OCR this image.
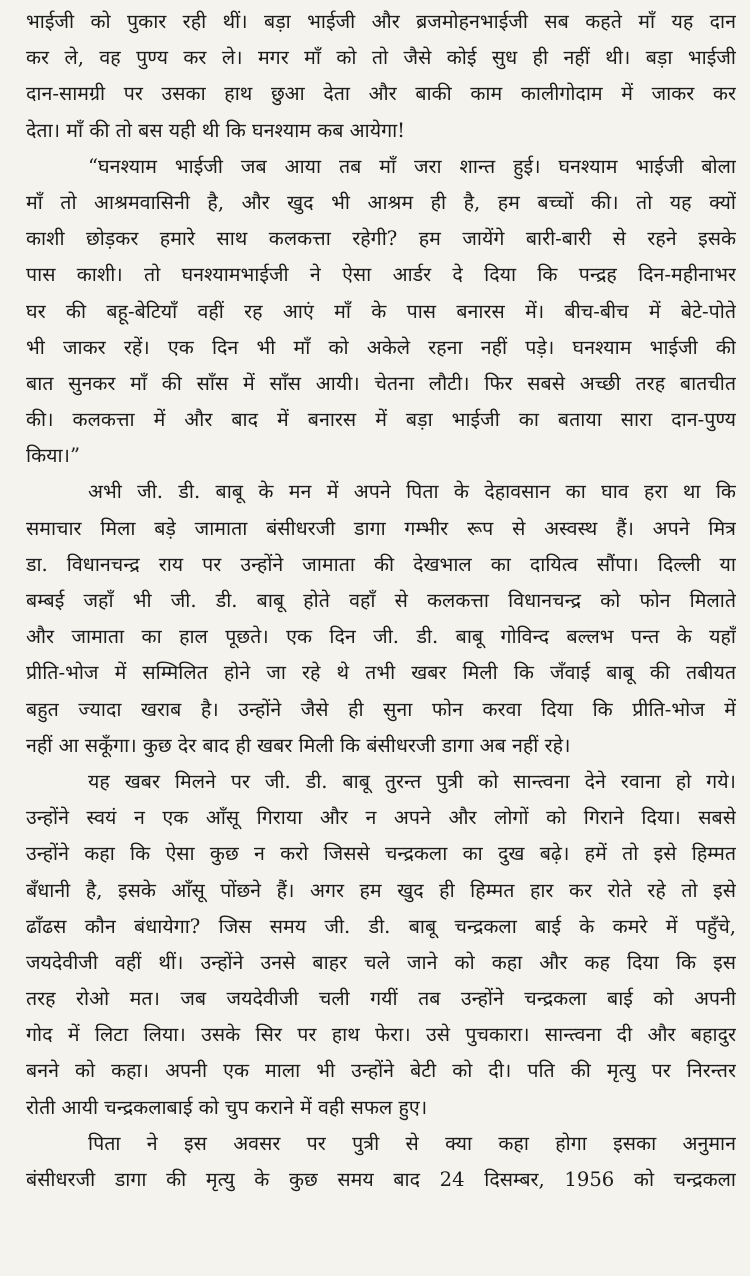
भाईजी को पुकार रही थीं। बड़ा भाईजी और ब्रजमोहनभाईजी सब कहते माँ यह दान
कर ले, वह पुण्य कर ले। मगर माँ को तो जैसे कोई सुध ही नहीं थी। बड़ा भाईजी
दान-सामग्री पर उसका हाथ छुआ देता और बाकी काम कालीगोदाम में जाकर कर
देता। माँ की तो बस यही थी कि घनश्याम कब आयेगा!
“घनश्याम भाईजी जब आया तब माँ जरा शान्त हुई। घनश्याम भाईजी बोला
माँ तो आश्रमवासिनी है, और खुद भी आश्रम ही है, हम बच्चों की। तो यह क्यों
काशी छोड़कर हमारे साथ कलकत्ता रहेगी? हम जायेंगे बारी-बारी से रहने इसके
पास काशी। तो घनश्यामभाईजी ने ऐसा आर्डर दे दिया कि पन्द्रह दिन-महीनाभर
घर की बहू-बेटियाँ वहीं रह आएं माँ के पास बनारस में। बीच-बीच में बेटे-पोते
भी जाकर रहें। एक दिन भी माँ को अकेले रहना नहीं पड़े। घनश्याम भाईजी की
बात सुनकर माँ की साँस में साँस आयी। चेतना लौटी। फिर सबसे अच्छी तरह बातचीत
की। कलकत्ता में और बाद में बनारस में बड़ा भाईजी का बताया सारा दान-पुण्य
किया।”
अभी जी. डी. बाबू के मन में अपने पिता के देहावसान का घाव हरा था कि
समाचार मिला बड़े जामाता बंसीधरजी डागा गम्भीर रूप से अस्वस्थ हैं। अपने मित्र
डा. विधानचन्द्र राय पर उन्होंने जामाता की देखभाल का दायित्व सौंपा। दिल्ली या
बम्बई जहाँ भी जी. डी. बाबू होते वहाँ से कलकत्ता विधानचन्द्र को फोन मिलाते
और जामाता का हाल पूछते। एक दिन जी. डी. बाबू गोविन्द बल्लभ पन्त के यहाँ
प्रीति-भोज में सम्मिलित होने जा रहे थे तभी खबर मिली कि जँवाई बाबू की तबीयत
बहुत ज्यादा खराब है। उन्होंने जैसे ही सुना फोन करवा दिया कि प्रीति-भोज में
नहीं आ सकूँगा। कुछ देर बाद ही खबर मिली कि बंसीधरजी डागा अब नहीं रहे।
यह खबर मिलने पर जी. डी. बाबू तुरन्त पुत्री को सान्त्वना देने रवाना हो गये।
उन्होंने स्वयं न एक आँसू गिराया और न अपने और लोगों को गिराने दिया। सबसे
उन्होंने कहा कि ऐसा कुछ न करो जिससे चन्द्रकला का दुख बढ़े। हमें तो इसे हिम्मत
बँधानी है, इसके आँसू पोंछने हैं। अगर हम खुद ही हिम्मत हार कर रोते रहे तो इसे
ढाँढस कौन बंधायेगा? जिस समय जी. डी. बाबू चन्द्रकला बाई के कमरे में पहुँचे,
जयदेवीजी वहीं थीं। उन्होंने उनसे बाहर चले जाने को कहा और कह दिया कि इस
तरह रोओ मत। जब जयदेवीजी चली गयीं तब उन्होंने चन्द्रकला बाई को अपनी
गोद में लिटा लिया। उसके सिर पर हाथ फेरा। उसे पुचकारा। सान्त्वना दी और बहादुर
बनने को कहा। अपनी एक माला भी उन्होंने बेटी को दी। पति की मृत्यु पर निरन्तर
रोती आयी चन्द्रकलाबाई को चुप कराने में वही सफल हुए।
पिता ने इस अवसर पर पुत्री से क्या कहा होगा इसका अनुमान
बंसीधरजी डागा की मृत्यु के कुछ समय बाद 24 दिसम्बर, 1956 को चन्द्रकला
